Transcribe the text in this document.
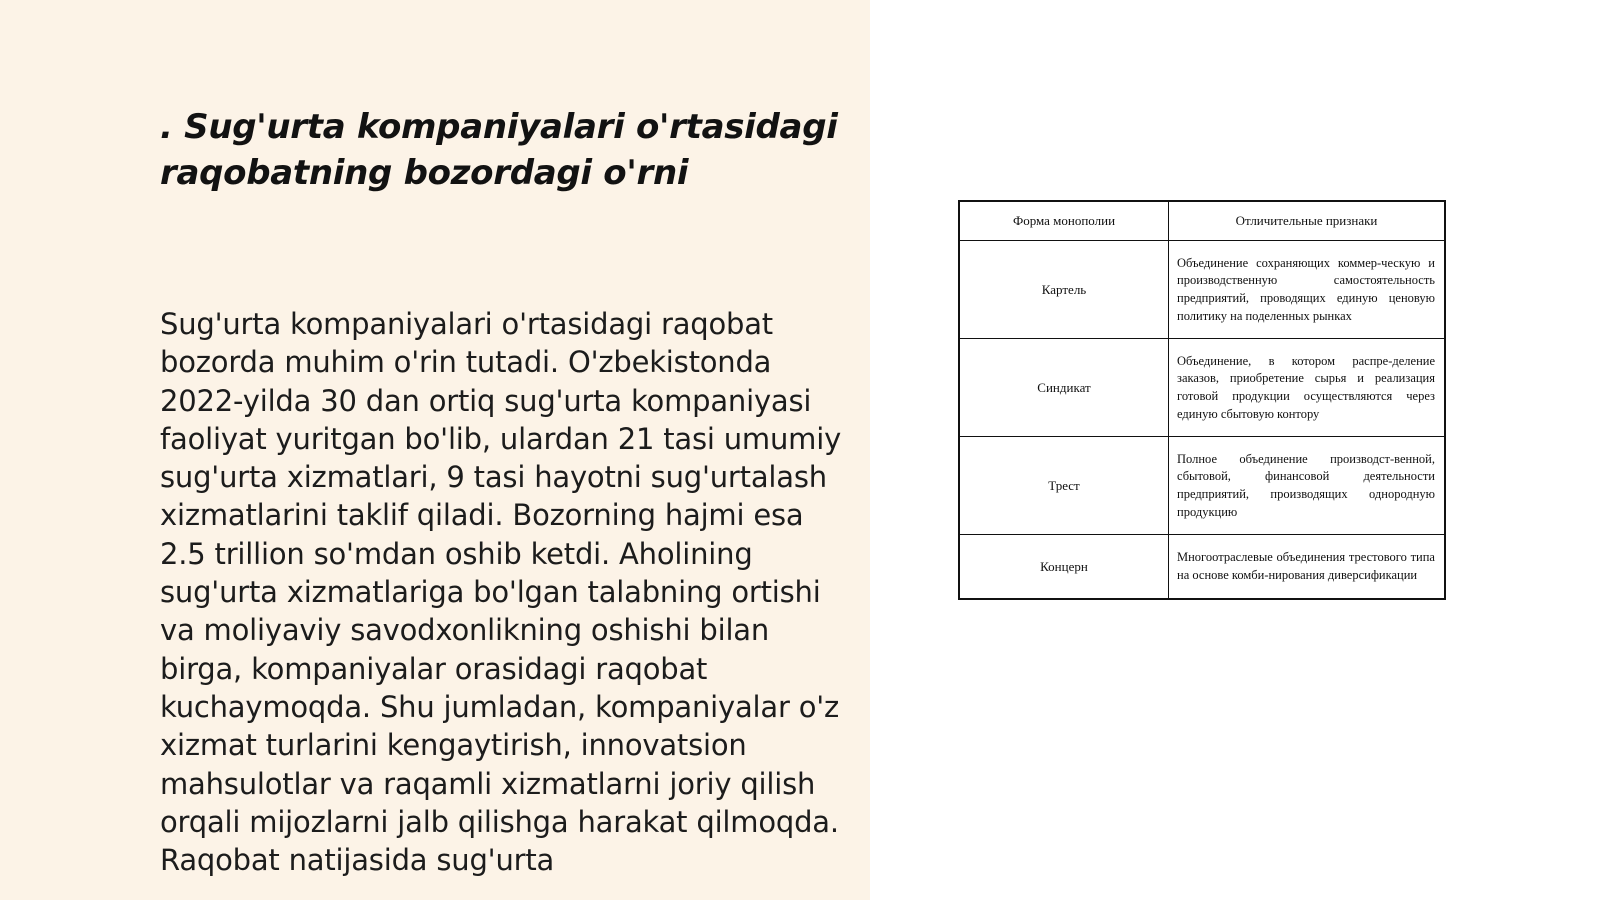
. Sug'urta kompaniyalari o'rtasidagi raqobatning bozordagi o'rni

Sug'urta kompaniyalari o'rtasidagi raqobat bozorda muhim o'rin tutadi. O'zbekistonda 2022-yilda 30 dan ortiq sug'urta kompaniyasi faoliyat yuritgan bo'lib, ulardan 21 tasi umumiy sug'urta xizmatlari, 9 tasi hayotni sug'urtalash xizmatlarini taklif qiladi. Bozorning hajmi esa 2.5 trillion so'mdan oshib ketdi. Aholining sug'urta xizmatlariga bo'lgan talabning ortishi va moliyaviy savodxonlikning oshishi bilan birga, kompaniyalar orasidagi raqobat kuchaymoqda. Shu jumladan, kompaniyalar o'z xizmat turlarini kengaytirish, innovatsion mahsulotlar va raqamli xizmatlarni joriy qilish orqali mijozlarni jalb qilishga harakat qilmoqda. Raqobat natijasida sug'urta

Форма монополии	Отличительные признаки
Картель	Объединение сохраняющих коммер-ческую и производственную самостоятельность предприятий, проводящих единую ценовую политику на поделенных рынках
Синдикат	Объединение, в котором распре-деление заказов, приобретение сырья и реализация готовой продукции осуществляются через единую сбытовую контору
Трест	Полное объединение производст-венной, сбытовой, финансовой деятельности предприятий, производящих однородную продукцию
Концерн	Многоотраслевые объединения трестового типа на основе комби-нирования диверсификации
